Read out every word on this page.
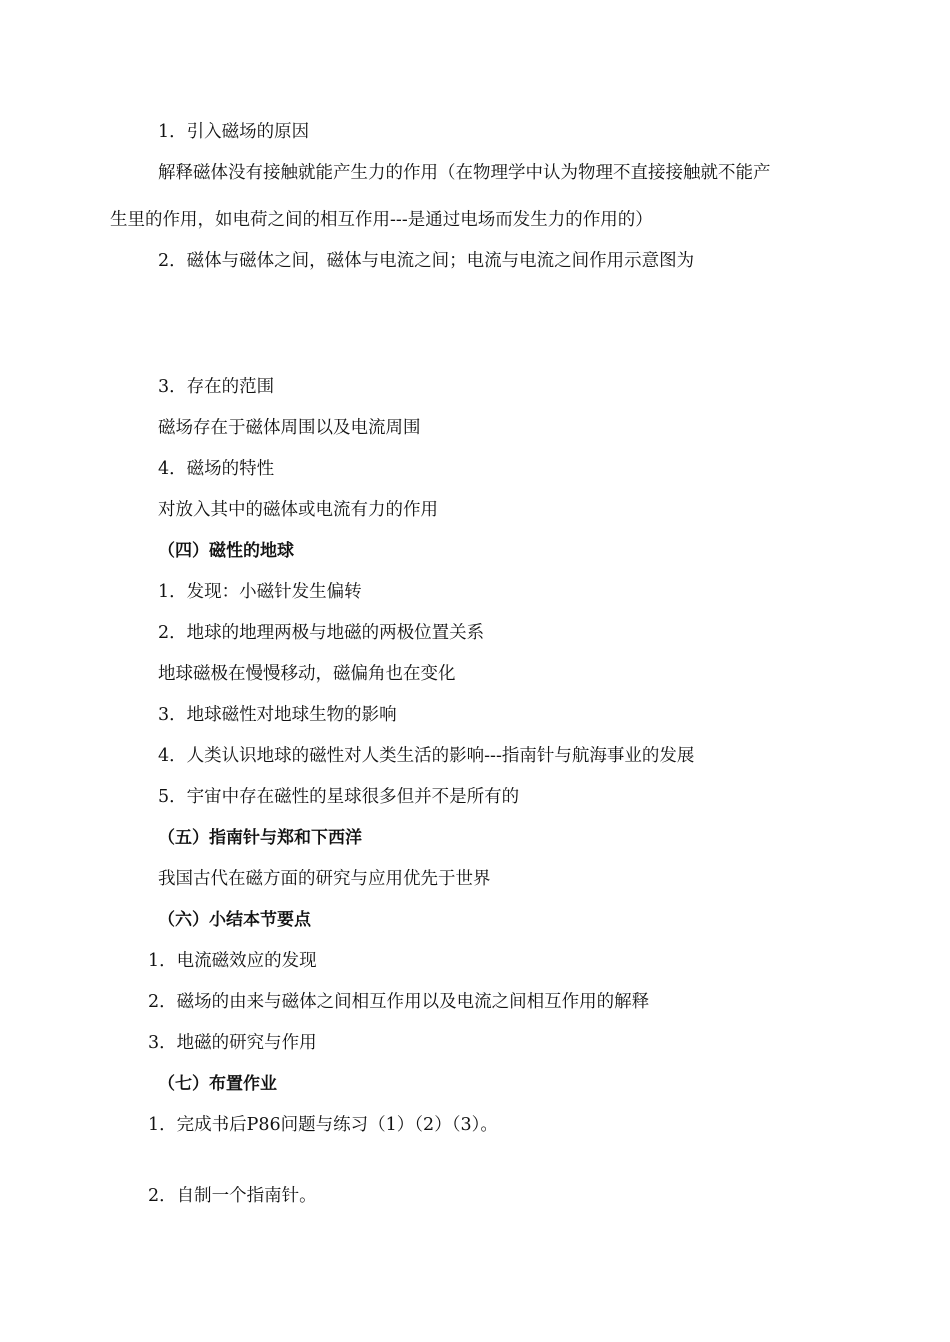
1．引入磁场的原因
解释磁体没有接触就能产生力的作用（在物理学中认为物理不直接接触就不能产
生里的作用，如电荷之间的相互作用---是通过电场而发生力的作用的）
2．磁体与磁体之间，磁体与电流之间；电流与电流之间作用示意图为
3．存在的范围
磁场存在于磁体周围以及电流周围
4．磁场的特性
对放入其中的磁体或电流有力的作用
（四）磁性的地球
1．发现：小磁针发生偏转
2．地球的地理两极与地磁的两极位置关系
地球磁极在慢慢移动，磁偏角也在变化
3．地球磁性对地球生物的影响
4．人类认识地球的磁性对人类生活的影响---指南针与航海事业的发展
5．宇宙中存在磁性的星球很多但并不是所有的
（五）指南针与郑和下西洋
我国古代在磁方面的研究与应用优先于世界
（六）小结本节要点
1．电流磁效应的发现
2．磁场的由来与磁体之间相互作用以及电流之间相互作用的解释
3．地磁的研究与作用
（七）布置作业
1．完成书后P86问题与练习（1）（2）（3）。
2．自制一个指南针。
